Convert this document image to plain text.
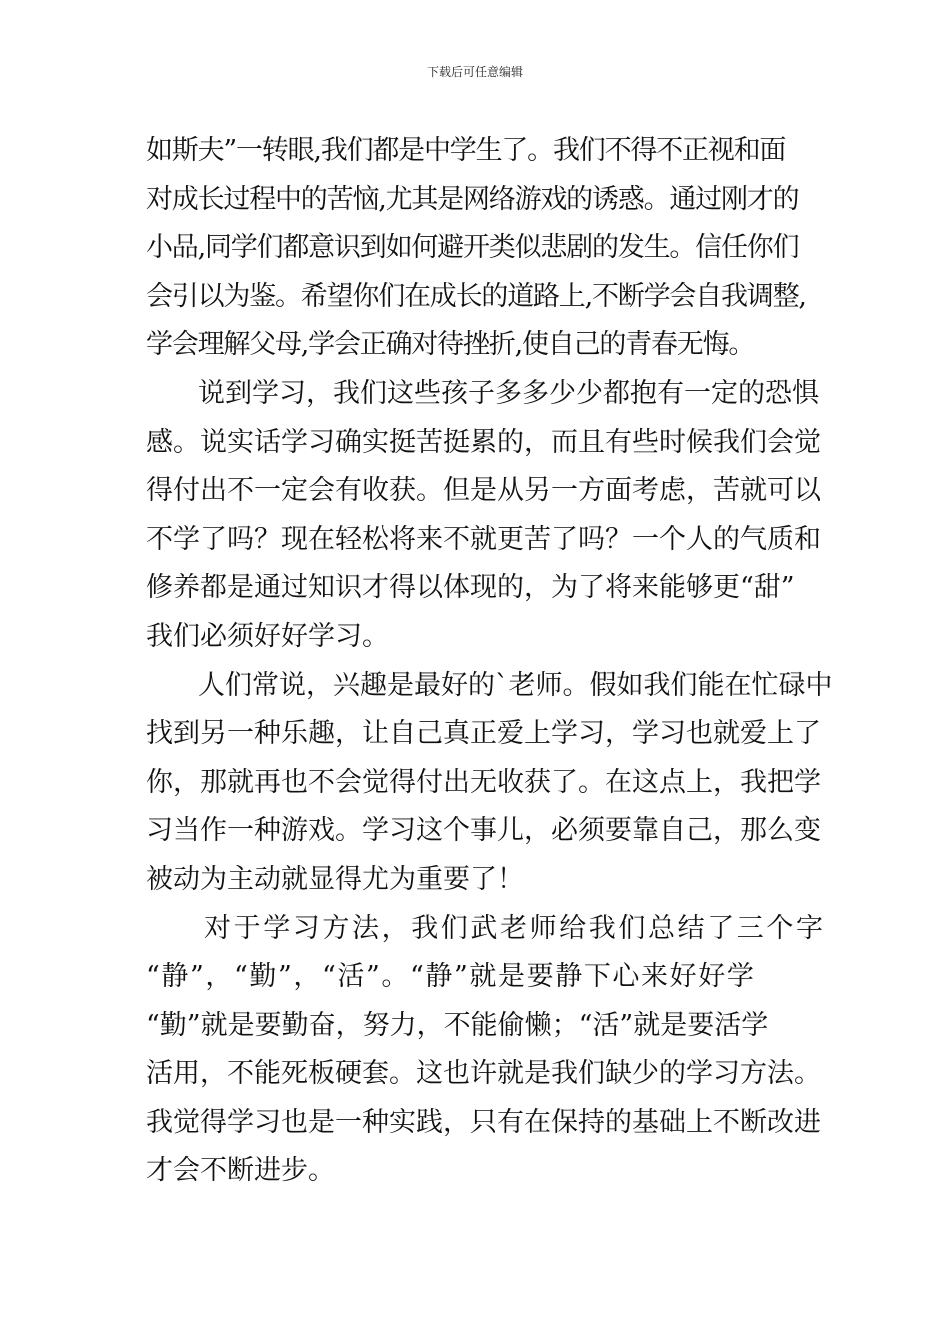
下载后可任意编辑

如斯夫”一转眼,我们都是中学生了。我们不得不正视和面
对成长过程中的苦恼,尤其是网络游戏的诱惑。通过刚才的
小品,同学们都意识到如何避开类似悲剧的发生。信任你们
会引以为鉴。希望你们在成长的道路上,不断学会自我调整,
学会理解父母,学会正确对待挫折,使自己的青春无悔。

说到学习，我们这些孩子多多少少都抱有一定的恐惧
感。说实话学习确实挺苦挺累的，而且有些时候我们会觉
得付出不一定会有收获。但是从另一方面考虑，苦就可以
不学了吗？现在轻松将来不就更苦了吗？一个人的气质和
修养都是通过知识才得以体现的，为了将来能够更“甜”
我们必须好好学习。

人们常说，兴趣是最好的`老师。假如我们能在忙碌中
找到另一种乐趣，让自己真正爱上学习，学习也就爱上了
你，那就再也不会觉得付出无收获了。在这点上，我把学
习当作一种游戏。学习这个事儿，必须要靠自己，那么变
被动为主动就显得尤为重要了！

对于学习方法，我们武老师给我们总结了三个字
“静”，“勤”，“活”。“静”就是要静下心来好好学
“勤”就是要勤奋，努力，不能偷懒；“活”就是要活学
活用，不能死板硬套。这也许就是我们缺少的学习方法。
我觉得学习也是一种实践，只有在保持的基础上不断改进
才会不断进步。
